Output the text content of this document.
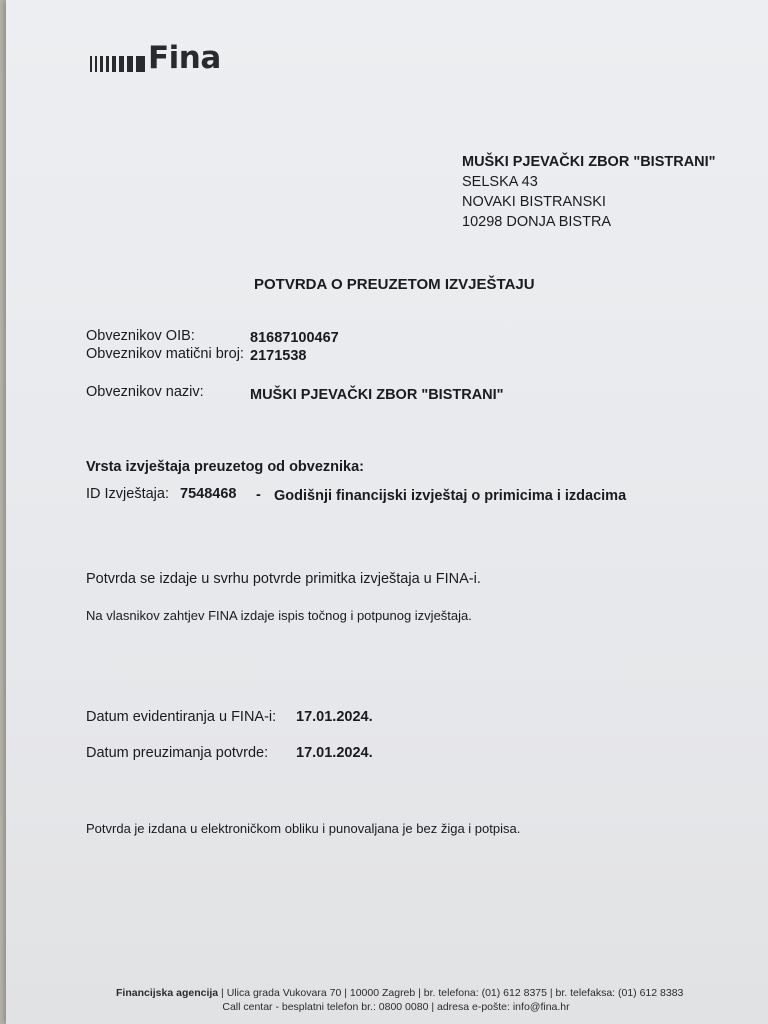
Fina
MUŠKI PJEVAČKI ZBOR "BISTRANI"
SELSKA 43
NOVAKI BISTRANSKI
10298 DONJA BISTRA
POTVRDA O PREUZETOM IZVJEŠTAJU
Obveznikov OIB:	81687100467
Obveznikov matični broj: 2171538
Obveznikov naziv:	MUŠKI PJEVAČKI ZBOR "BISTRANI"
Vrsta izvještaja preuzetog od obveznika:
ID Izvještaja: 7548468 - Godišnji financijski izvještaj o primicima i izdacima
Potvrda se izdaje u svrhu potvrde primitka izvještaja u FINA-i.
Na vlasnikov zahtjev FINA izdaje ispis točnog i potpunog izvještaja.
Datum evidentiranja u FINA-i: 17.01.2024.
Datum preuzimanja potvrde: 17.01.2024.
Potvrda je izdana u elektroničkom obliku i punovaljana je bez žiga i potpisa.
Financijska agencija | Ulica grada Vukovara 70 | 10000 Zagreb | br. telefona: (01) 612 8375 | br. telefaksa: (01) 612 8383
Call centar - besplatni telefon br.: 0800 0080 | adresa e-pošte: info@fina.hr
